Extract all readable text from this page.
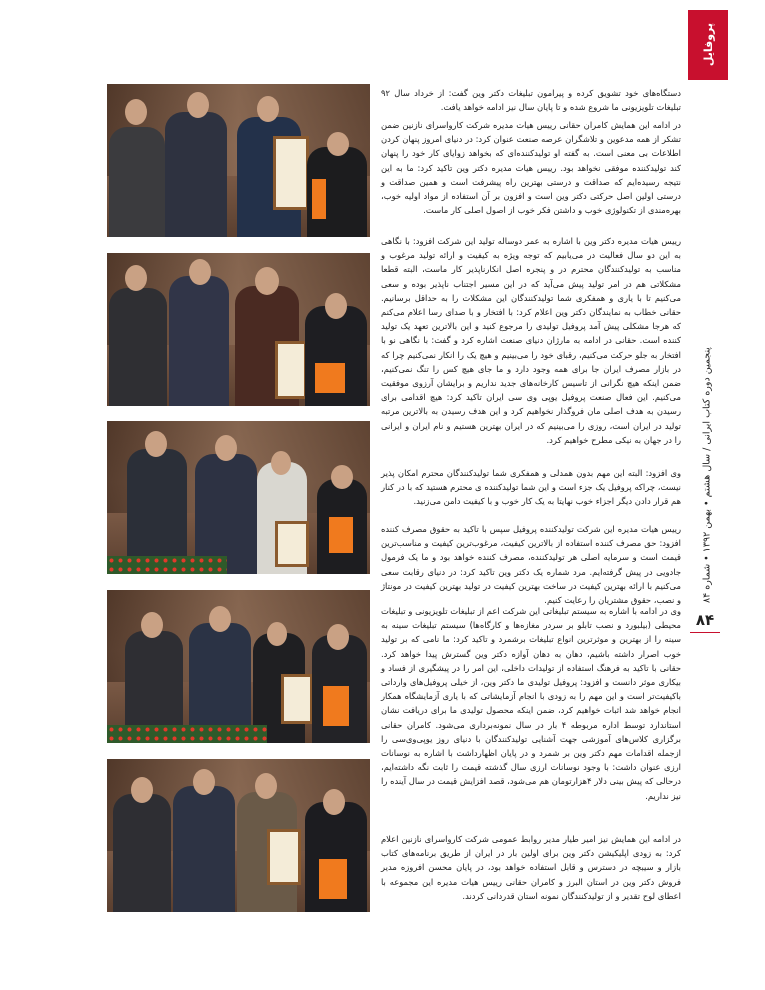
پروفایل
پنجمین دوره کتاب ایرانی / سال هشتم • بهمن ۱۳۹۲ • شماره ۸۴
۸۴

دستگاه‌های خود تشویق کرده و پیرامون تبلیغات دکتر وین گفت: از خرداد سال ۹۲ تبلیغات تلویزیونی ما شروع شده و تا پایان سال نیز ادامه خواهد یافت.

در ادامه این همایش کامران حقانی رییس هیات مدیره شرکت کارواسرای نازنین ضمن تشکر از همه مدعوین و تلاشگران عرصه صنعت عنوان کرد: در دنیای امروز پنهان کردن اطلاعات بی معنی است. به گفته او تولیدکننده‌ای که بخواهد زوایای کار خود را پنهان کند تولیدکننده موفقی نخواهد بود. رییس هیات مدیره دکتر وین تاکید کرد: ما به این نتیجه رسیده‌ایم که صداقت و درستی بهترین راه پیشرفت است و همین صداقت و درستی اولین اصل حرکتی دکتر وین است و افزون بر آن استفاده از مواد اولیه خوب، بهره‌مندی از تکنولوژی خوب و داشتن فکر خوب از اصول اصلی کار ماست.

رییس هیات مدیره دکتر وین با اشاره به عمر دوساله تولید این شرکت افزود: با نگاهی به این دو سال فعالیت در می‌یابیم که توجه ویژه به کیفیت و ارائه تولید مرغوب و مناسب به تولیدکنندگان محترم در و پنجره اصل انکارناپذیر کار ماست، البته قطعا مشکلاتی هم در امر تولید پیش می‌آید که در این مسیر اجتناب ناپذیر بوده و سعی می‌کنیم تا با یاری و همفکری شما تولیدکنندگان این مشکلات را به حداقل برسانیم. حقانی خطاب به نمایندگان دکتر وین اعلام کرد: با افتخار و با صدای رسا اعلام می‌کنم که هرجا مشکلی پیش آمد پروفیل تولیدی را مرجوع کنید و این بالاترین تعهد یک تولید کننده است. حقانی در ادامه به مارژان دنیای صنعت اشاره کرد و گفت: با نگاهی نو با افتخار به جلو حرکت می‌کنیم، رقبای خود را می‌بینیم و هیچ یک را انکار نمی‌کنیم چرا که در بازار مصرف ایران جا برای همه وجود دارد و ما جای هیچ کس را تنگ نمی‌کنیم، ضمن اینکه هیچ نگرانی از تاسیس کارخانه‌های جدید نداریم و برایشان آرزوی موفقیت می‌کنیم. این فعال صنعت پروفیل یوپی وی سی ایران تاکید کرد: هیچ اقدامی برای رسیدن به هدف اصلی مان فروگذار نخواهیم کرد و این هدف رسیدن به بالاترین مرتبه تولید در ایران است، روزی را می‌بینیم که در ایران بهترین هستیم و نام ایران و ایرانی را در جهان به نیکی مطرح خواهیم کرد.

وی افزود: البته این مهم بدون همدلی و همفکری شما تولیدکنندگان محترم امکان پذیر نیست، چراکه پروفیل یک جزء است و این شما تولیدکننده ی محترم هستید که با در کنار هم قرار دادن دیگر اجزاء خوب نهایتا به یک کار خوب و با کیفیت دامن می‌زنید.

رییس هیات مدیره این شرکت تولیدکننده پروفیل سپس با تاکید به حقوق مصرف کننده افزود: حق مصرف کننده استفاده از بالاترین کیفیت، مرغوب‌ترین کیفیت و مناسب‌ترین قیمت است و سرمایه اصلی هر تولیدکننده، مصرف کننده خواهد بود و ما یک فرمول جادویی در پیش گرفته‌ایم. مرد شماره یک دکتر وین تاکید کرد: در دنیای رقابت سعی می‌کنیم با ارائه بهترین کیفیت در ساخت بهترین کیفیت در تولید بهترین کیفیت در مونتاژ و نصب، حقوق مشتریان را رعایت کنیم.

وی در ادامه با اشاره به سیستم تبلیغاتی این شرکت اعم از تبلیغات تلویزیونی و تبلیغات محیطی (بیلبورد و نصب تابلو بر سردر مغازه‌ها و کارگاه‌ها) سیستم تبلیغات سینه به سینه را از بهترین و موثرترین انواع تبلیغات برشمرد و تاکید کرد: ما نامی که بر تولید خوب اصرار داشته باشیم، دهان به دهان آوازه دکتر وین گسترش پیدا خواهد کرد. حقانی با تاکید به فرهنگ استفاده از تولیدات داخلی، این امر را در پیشگیری از فساد و بیکاری موثر دانست و افزود: پروفیل تولیدی ما دکتر وین، از خیلی پروفیل‌های وارداتی باکیفیت‌تر است و این مهم را به زودی با انجام آزمایشاتی که با یاری آزمایشگاه همکار انجام خواهد شد اثبات خواهیم کرد، ضمن اینکه محصول تولیدی ما برای دریافت نشان استاندارد توسط اداره مربوطه ۴ بار در سال نمونه‌برداری می‌شود. کامران حقانی برگزاری کلاس‌های آموزشی جهت آشنایی تولیدکنندگان با دنیای روز یو‌پی‌وی‌سی را ازجمله اقدامات مهم دکتر وین بر شمرد و در پایان اظهارداشت با اشاره به نوسانات ارزی عنوان داشت: با وجود نوسانات ارزی سال گذشته قیمت را ثابت نگه داشته‌ایم، درحالی که پیش بینی دلار ۴هزارتومان هم می‌شود، قصد افزایش قیمت در سال آینده را نیز نداریم.

در ادامه این همایش نیز امیر طیار مدیر روابط عمومی شرکت کارواسرای نازنین اعلام کرد: به زودی اپلیکیشن دکتر وین برای اولین بار در ایران از طریق برنامه‌های کتاب بازار و سیبچه در دسترس و قابل استفاده خواهد بود، در پایان محسن افروزه مدیر فروش دکتر وین در استان البرز و کامران حقانی رییس هیات مدیره این مجموعه با اعطای لوح تقدیر و از تولیدکنندگان نمونه استان قدردانی کردند.
